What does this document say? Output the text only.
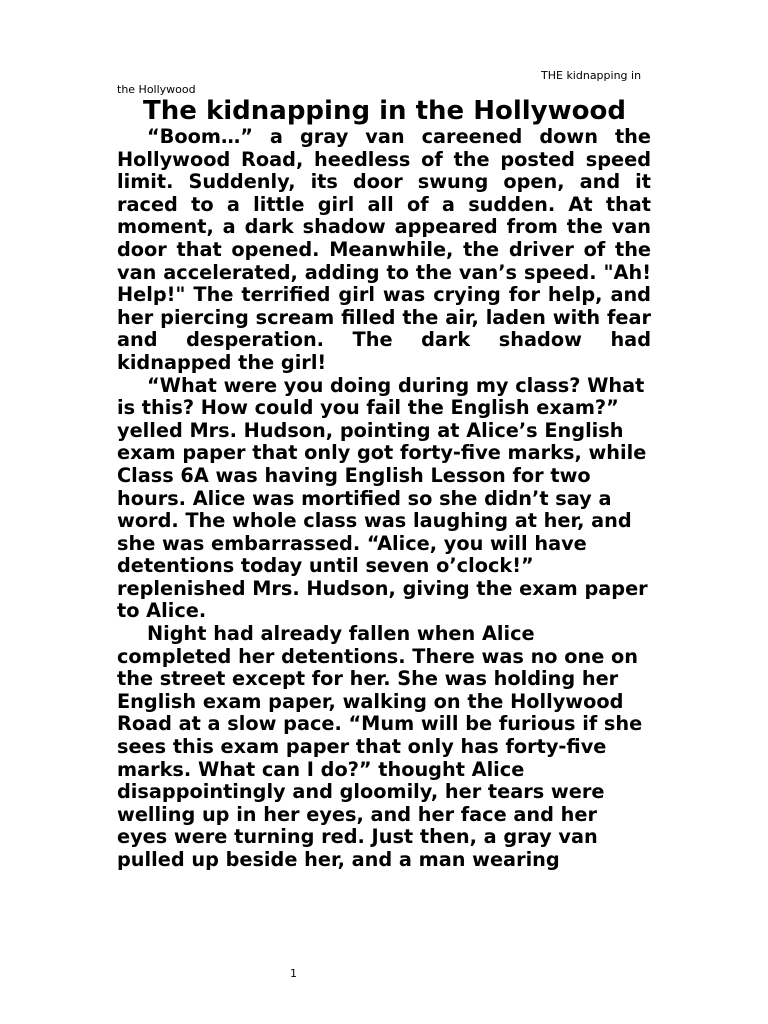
THE kidnapping in
the Hollywood
The kidnapping in the Hollywood

“Boom…” a gray van careened down the Hollywood Road, heedless of the posted speed limit. Suddenly, its door swung open, and it raced to a little girl all of a sudden. At that moment, a dark shadow appeared from the van door that opened. Meanwhile, the driver of the van accelerated, adding to the van’s speed. "Ah! Help!" The terrified girl was crying for help, and her piercing scream filled the air, laden with fear and desperation. The dark shadow had kidnapped the girl!

“What were you doing during my class? What is this? How could you fail the English exam?” yelled Mrs. Hudson, pointing at Alice’s English exam paper that only got forty-five marks, while Class 6A was having English Lesson for two hours. Alice was mortified so she didn’t say a word. The whole class was laughing at her, and she was embarrassed. “Alice, you will have detentions today until seven o’clock!” replenished Mrs. Hudson, giving the exam paper to Alice.

Night had already fallen when Alice completed her detentions. There was no one on the street except for her. She was holding her English exam paper, walking on the Hollywood Road at a slow pace. “Mum will be furious if she sees this exam paper that only has forty-five marks. What can I do?” thought Alice disappointingly and gloomily, her tears were welling up in her eyes, and her face and her eyes were turning red. Just then, a gray van pulled up beside her, and a man wearing

1
